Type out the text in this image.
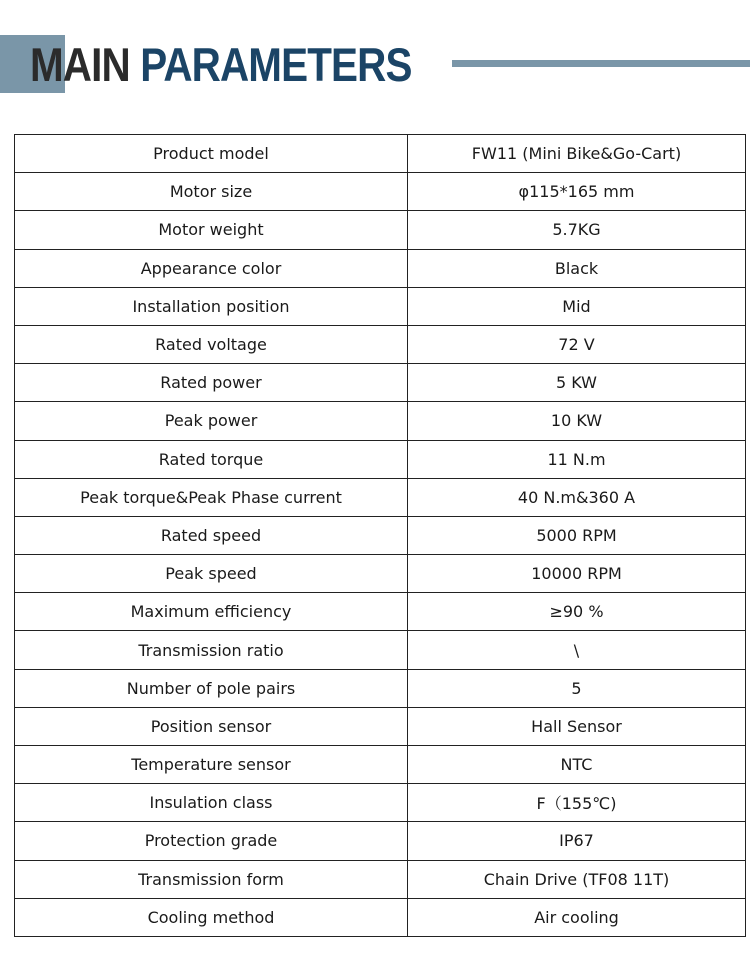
MAIN PARAMETERS
Product model	FW11 (Mini Bike&Go-Cart)
Motor size	φ115*165 mm
Motor weight	5.7KG
Appearance color	Black
Installation position	Mid
Rated voltage	72 V
Rated power	5 KW
Peak power	10 KW
Rated torque	11 N.m
Peak torque&Peak Phase current	40 N.m&360 A
Rated speed	5000 RPM
Peak speed	10000 RPM
Maximum efficiency	≥90 %
Transmission ratio	\
Number of pole pairs	5
Position sensor	Hall Sensor
Temperature sensor	NTC
Insulation class	F（155℃)
Protection grade	IP67
Transmission form	Chain Drive (TF08 11T)
Cooling method	Air cooling
